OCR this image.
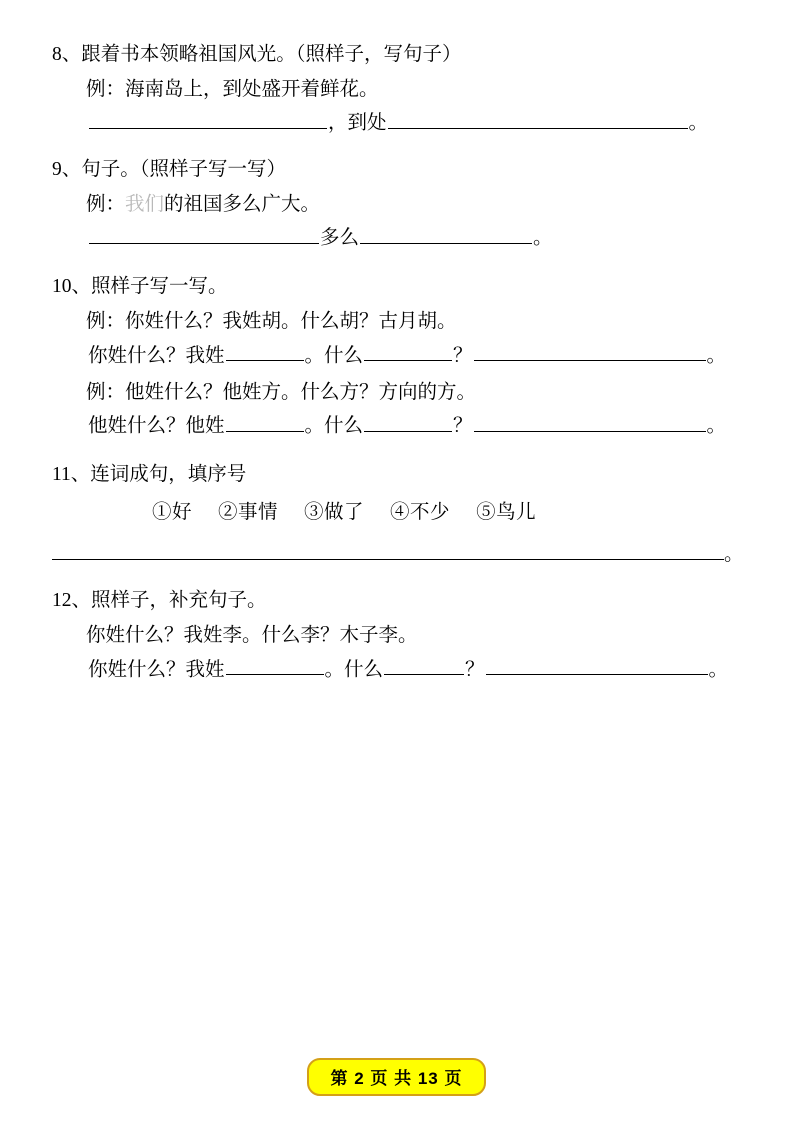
8、跟着书本领略祖国风光。（照样子，写句子）
例：海南岛上，到处盛开着鲜花。
，到处	。
9、句子。（照样子写一写）
例：我们的祖国多么广大。
多么	。
10、照样子写一写。
例：你姓什么？我姓胡。什么胡？古月胡。
你姓什么？我姓	。什么	？	。
例：他姓什么？他姓方。什么方？方向的方。
他姓什么？他姓	。什么	？	。
11、连词成句，填序号
①好 ②事情 ③做了 ④不少 ⑤鸟儿
。
12、照样子，补充句子。
你姓什么？我姓李。什么李？木子李。
你姓什么？我姓	。什么	？	。
第 2 页 共 13 页
